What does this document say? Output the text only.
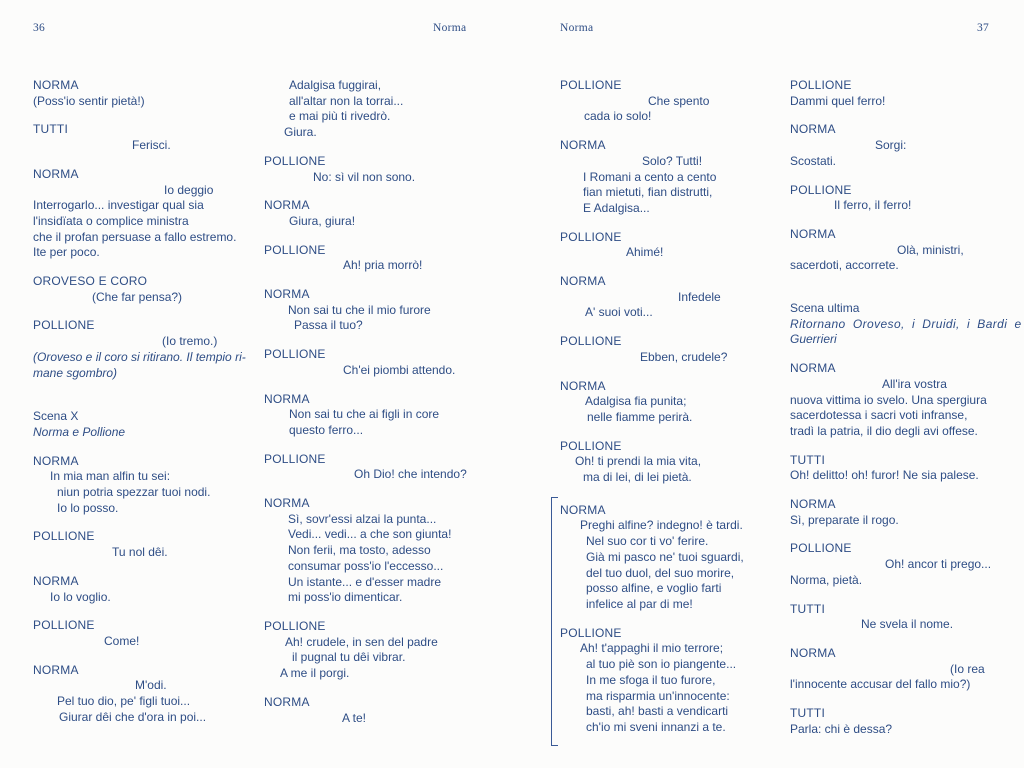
36	Norma
NORMA
(Poss'io sentir pietà!)
TUTTI
Ferisci.
NORMA
Io deggio
Interrogarlo... investigar qual sia
l'insidïata o complice ministra
che il profan persuase a fallo estremo.
Ite per poco.
OROVESO E CORO
(Che far pensa?)
POLLIONE
(Io tremo.)
(Oroveso e il coro si ritirano. Il tempio ri-
mane sgombro)
Scena X
Norma e Pollione
NORMA
In mia man alfin tu sei:
niun potria spezzar tuoi nodi.
Io lo posso.
POLLIONE
Tu nol dêi.
NORMA
Io lo voglio.
POLLIONE
Come!
NORMA
M'odi.
Pel tuo dio, pe' figli tuoi...
Giurar dêi che d'ora in poi...
Adalgisa fuggirai,
all'altar non la torrai...
e mai più ti rivedrò.
Giura.
POLLIONE
No: sì vil non sono.
NORMA
Giura, giura!
POLLIONE
Ah! pria morrò!
NORMA
Non sai tu che il mio furore
Passa il tuo?
POLLIONE
Ch'ei piombi attendo.
NORMA
Non sai tu che ai figli in core
questo ferro...
POLLIONE
Oh Dio! che intendo?
NORMA
Sì, sovr'essi alzai la punta...
Vedi... vedi... a che son giunta!
Non ferii, ma tosto, adesso
consumar poss'io l'eccesso...
Un istante... e d'esser madre
mi poss'io dimenticar.
POLLIONE
Ah! crudele, in sen del padre
il pugnal tu dêi vibrar.
A me il porgi.
NORMA
A te!
Norma	37
POLLIONE
Che spento
cada io solo!
NORMA
Solo? Tutti!
I Romani a cento a cento
fian mietuti, fian distrutti,
E Adalgisa...
POLLIONE
Ahimé!
NORMA
Infedele
A' suoi voti...
POLLIONE
Ebben, crudele?
NORMA
Adalgisa fia punita;
nelle fiamme perirà.
POLLIONE
Oh! ti prendi la mia vita,
ma di lei, di lei pietà.
NORMA
Preghi alfine? indegno! è tardi.
Nel suo cor ti vo' ferire.
Già mi pasco ne' tuoi sguardi,
del tuo duol, del suo morire,
posso alfine, e voglio farti
infelice al par di me!
POLLIONE
Ah! t'appaghi il mio terrore;
al tuo piè son io piangente...
In me sfoga il tuo furore,
ma risparmia un'innocente:
basti, ah! basti a vendicarti
ch'io mi sveni innanzi a te.
POLLIONE
Dammi quel ferro!
NORMA
Sorgi:
Scostati.
POLLIONE
Il ferro, il ferro!
NORMA
Olà, ministri,
sacerdoti, accorrete.
Scena ultima
Ritornano Oroveso, i Druidi, i Bardi e
Guerrieri
NORMA
All'ira vostra
nuova vittima io svelo. Una spergiura
sacerdotessa i sacri voti infranse,
tradì la patria, il dio degli avi offese.
TUTTI
Oh! delitto! oh! furor! Ne sia palese.
NORMA
Sì, preparate il rogo.
POLLIONE
Oh! ancor ti prego...
Norma, pietà.
TUTTI
Ne svela il nome.
NORMA
(Io rea
l'innocente accusar del fallo mio?)
TUTTI
Parla: chi è dessa?
